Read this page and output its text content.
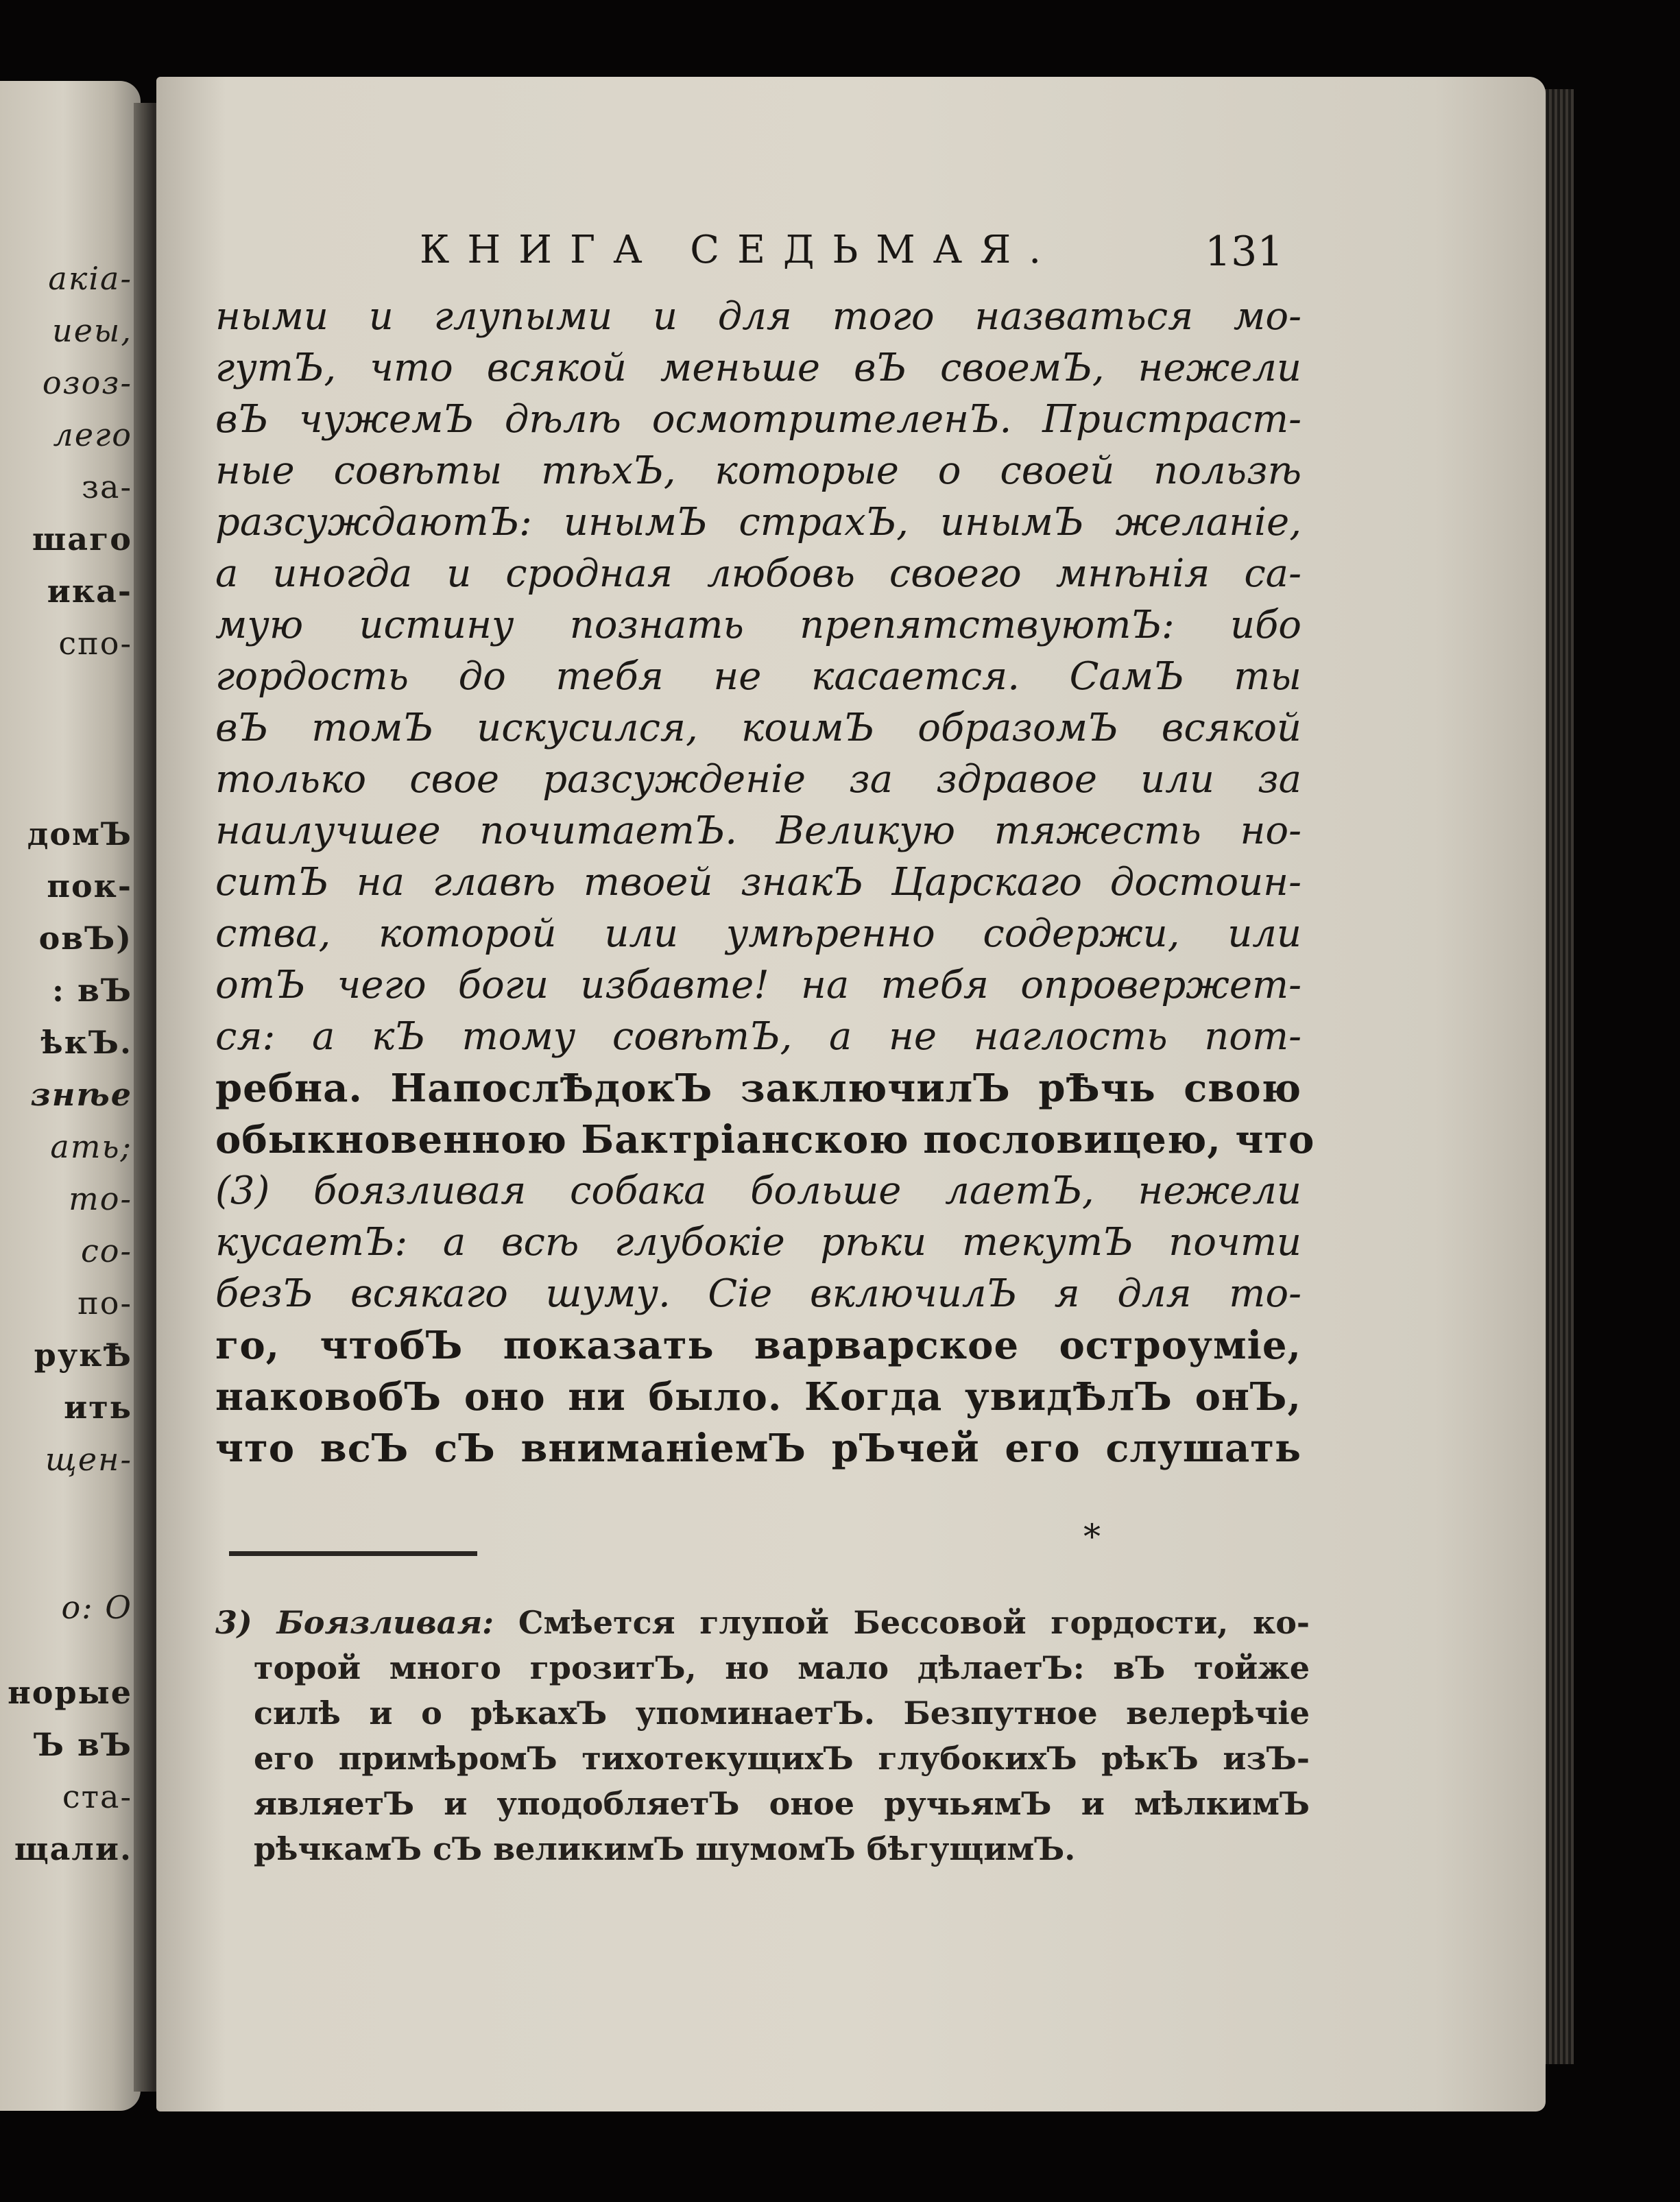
акіа-
иеы,
озоз-
лего
за-
шаго
ика-
спо-
домЪ
пок-
овЪ)
: вЪ
ѣкЪ.
знѣе
ать;
то-
со-
по-
рукѢ
ить
щен-
о: О
норые
Ъ вЪ
ста-
щали.
КНИГА СЕДЬМАЯ.	131
ными и глупыми и для того назваться мо-
гутЪ, что всякой меньше вЪ своемЪ, нежели
вЪ чужемЪ дѣлѣ осмотрителенЪ. Пристраст-
ные совѣты тѣхЪ, которые о своей пользѣ
разсуждаютЪ: инымЪ страхЪ, инымЪ желаніе,
а иногда и сродная любовь своего мнѣнія са-
мую истину познать препятствуютЪ: ибо
гордость до тебя не касается. СамЪ ты
вЪ томЪ искусился, коимЪ образомЪ всякой
только свое разсужденіе за здравое или за
наилучшее почитаетЪ. Великую тяжесть но-
ситЪ на главѣ твоей знакЪ Царскаго достоин-
ства, которой или умѣренно содержи, или
отЪ чего боги избавте! на тебя опровержет-
ся: а кЪ тому совѣтЪ, а не наглость пот-
ребна. НапослѢдокЪ заключилЪ рѢчь свою
обыкновенною Бактріанскою пословицею, что
(3) боязливая собака больше лаетЪ, нежели
кусаетЪ: а всѣ глубокіе рѣки текутЪ почти
безЪ всякаго шуму. Сіе включилЪ я для то-
го, чтобЪ показать варварское остроуміе,
наковобЪ оно ни было. Когда увидѢлЪ онЪ,
что всЪ сЪ вниманіемЪ рЪчей его слушать
*
3) Боязливая: Смѣется глупой Бессовой гордости, ко-
торой много грозитЪ, но мало дѣлаетЪ: вЪ тойже
силѣ и о рѣкахЪ упоминаетЪ. Безпутное велерѣчіе
его примѣромЪ тихотекущихЪ глубокихЪ рѣкЪ изЪ-
являетЪ и уподобляетЪ оное ручьямЪ и мѣлкимЪ
рѣчкамЪ сЪ великимЪ шумомЪ бѣгущимЪ.
